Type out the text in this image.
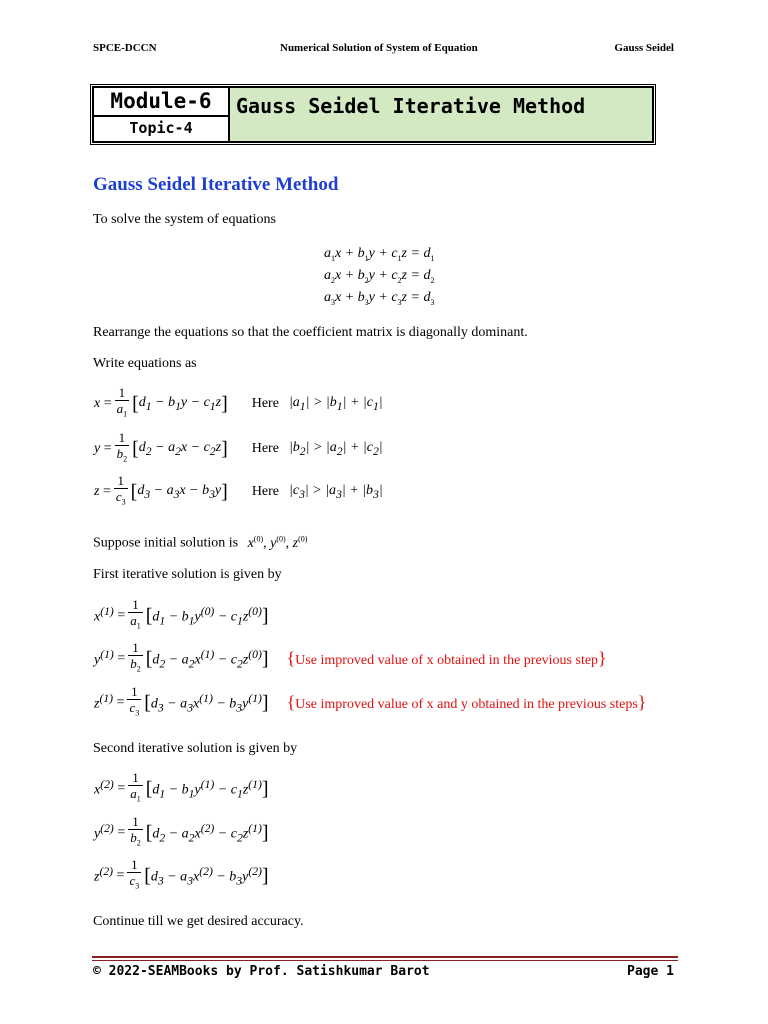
SPCE-DCCN	Numerical Solution of System of Equation	Gauss Seidel
Module-6
Topic-4
Gauss Seidel Iterative Method
Gauss Seidel Iterative Method
To solve the system of equations
$a_1x + b_1y + c_1z = d_1$
$a_2x + b_2y + c_2z = d_2$
$a_3x + b_3y + c_3z = d_3$
Rearrange the equations so that the coefficient matrix is diagonally dominant.
Write equations as
$x = \frac{1}{a_1}$ [ $d_1 - b_1y - c_1z$ ] Here $|a_1| > |b_1| + |c_1|$
$y = \frac{1}{b_2}$ [ $d_2 - a_2x - c_2z$ ] Here $|b_2| > |a_2| + |c_2|$
$z = \frac{1}{c_3}$ [ $d_3 - a_3x - b_3y$ ] Here $|c_3| > |a_3| + |b_3|$
Suppose initial solution is $x^{(0)}$, $y^{(0)}$, $z^{(0)}$
First iterative solution is given by
$x^{(1)} = \frac{1}{a_1}$ [ $d_1 - b_1y^{(0)} - c_1z^{(0)}$ ]
$y^{(1)} = \frac{1}{b_2}$ [ $d_2 - a_2x^{(1)} - c_2z^{(0)}$ ] {Use improved value of x obtained in the previous step}
$z^{(1)} = \frac{1}{c_3}$ [ $d_3 - a_3x^{(1)} - b_3y^{(1)}$ ] {Use improved value of x and y obtained in the previous steps}
Second iterative solution is given by
$x^{(2)} = \frac{1}{a_1}$ [ $d_1 - b_1y^{(1)} - c_1z^{(1)}$ ]
$y^{(2)} = \frac{1}{b_2}$ [ $d_2 - a_2x^{(2)} - c_2z^{(1)}$ ]
$z^{(2)} = \frac{1}{c_3}$ [ $d_3 - a_3x^{(2)} - b_3y^{(2)}$ ]
Continue till we get desired accuracy.
© 2022-SEAMBooks by Prof. Satishkumar Barot	Page 1
